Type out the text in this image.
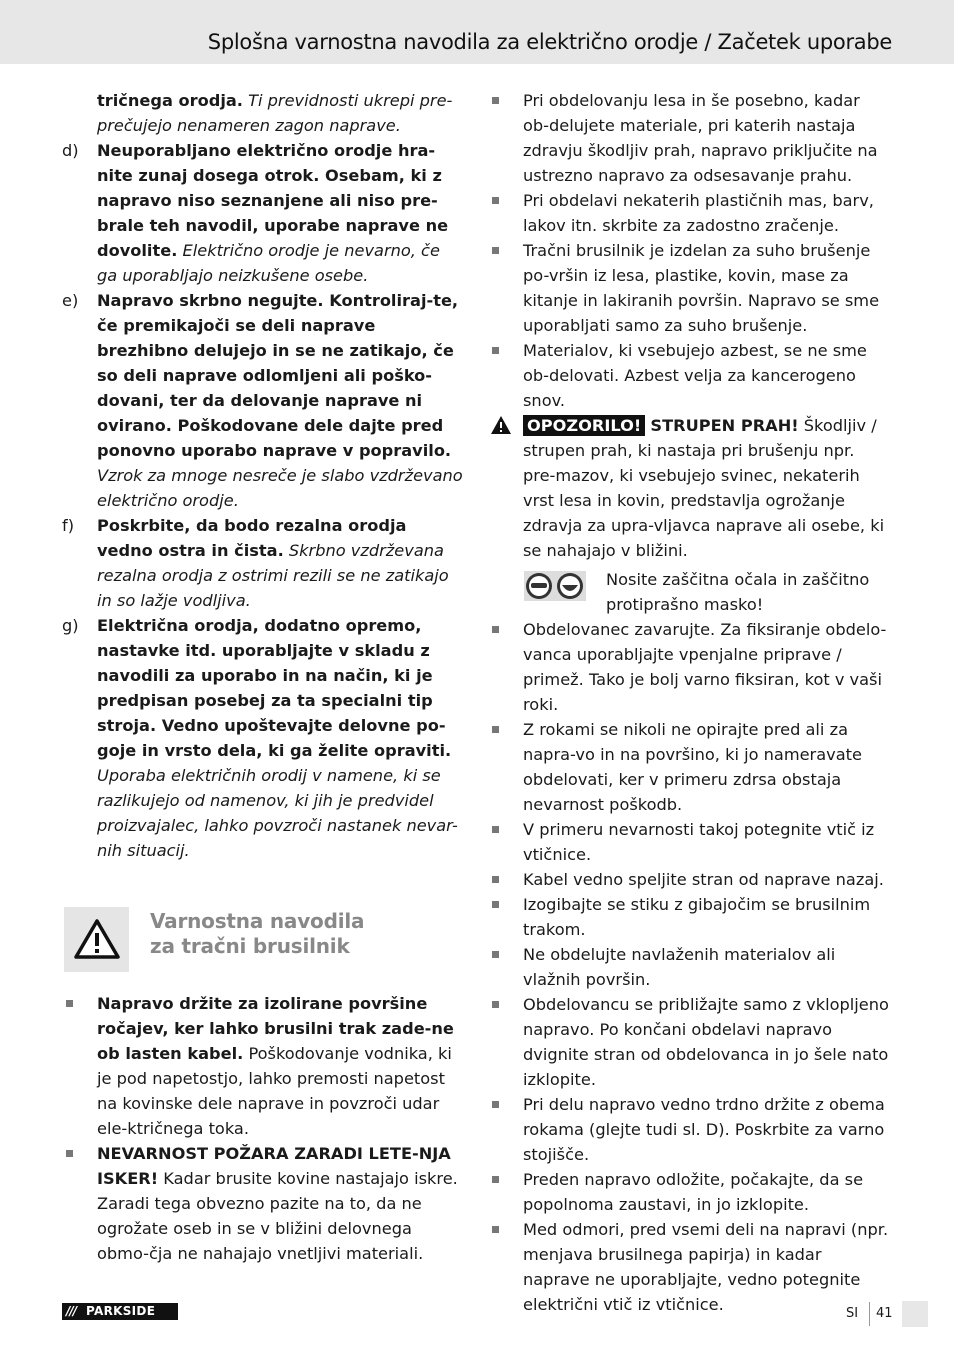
Splošna varnostna navodila za električno orodje / Začetek uporabe

tričnega orodja. Ti previdnosti ukrepi pre-prečujejo nenameren zagon naprave.

d) Neuporabljano električno orodje hra-nite zunaj dosega otrok. Osebam, ki z napravo niso seznanjene ali niso pre-brale teh navodil, uporabe naprave ne dovolite. Električno orodje je nevarno, če ga uporabljajo neizkušene osebe.

e) Napravo skrbno negujte. Kontroliraj-te, če premikajoči se deli naprave brezhibno delujejo in se ne zatikajo, če so deli naprave odlomljeni ali poško-dovani, ter da delovanje naprave ni ovirano. Poškodovane dele dajte pred ponovno uporabo naprave v popravilo. Vzrok za mnoge nesreče je slabo vzdrževano električno orodje.

f) Poskrbite, da bodo rezalna orodja vedno ostra in čista. Skrbno vzdrževana rezalna orodja z ostrimi rezili se ne zatikajo in so lažje vodljiva.

g) Električna orodja, dodatno opremo, nastavke itd. uporabljajte v skladu z navodili za uporabo in na način, ki je predpisan posebej za ta specialni tip stroja. Vedno upoštevajte delovne po-goje in vrsto dela, ki ga želite opraviti. Uporaba električnih orodij v namene, ki se razlikujejo od namenov, ki jih je predvidel proizvajalec, lahko povzroči nastanek nevar-nih situacij.

Varnostna navodila
za tračni brusilnik

Napravo držite za izolirane površine ročajev, ker lahko brusilni trak zade-ne ob lasten kabel. Poškodovanje vodnika, ki je pod napetostjo, lahko premosti napetost na kovinske dele naprave in povzroči udar ele-ktričnega toka.

NEVARNOST POŽARA ZARADI LETE-NJA ISKER! Kadar brusite kovine nastajajo iskre. Zaradi tega obvezno pazite na to, da ne ogrožate oseb in se v bližini delovnega obmo-čja ne nahajajo vnetljivi materiali.

Pri obdelovanju lesa in še posebno, kadar ob-delujete materiale, pri katerih nastaja zdravju škodljiv prah, napravo priključite na ustrezno napravo za odsesavanje prahu.

Pri obdelavi nekaterih plastičnih mas, barv, lakov itn. skrbite za zadostno zračenje.

Tračni brusilnik je izdelan za suho brušenje po-vršin iz lesa, plastike, kovin, mase za kitanje in lakiranih površin. Napravo se sme uporabljati samo za suho brušenje.

Materialov, ki vsebujejo azbest, se ne sme ob-delovati. Azbest velja za kancerogeno snov.

OPOZORILO! STRUPEN PRAH! Škodljiv / strupen prah, ki nastaja pri brušenju npr. pre-mazov, ki vsebujejo svinec, nekaterih vrst lesa in kovin, predstavlja ogrožanje zdravja za upra-vljavca naprave ali osebe, ki se nahajajo v bližini.

Nosite zaščitna očala in zaščitno protiprašno masko!

Obdelovanec zavarujte. Za fiksiranje obdelo-vanca uporabljajte vpenjalne priprave / primež. Tako je bolj varno fiksiran, kot v vaši roki.

Z rokami se nikoli ne opirajte pred ali za napra-vo in na površino, ki jo nameravate obdelovati, ker v primeru zdrsa obstaja nevarnost poškodb.

V primeru nevarnosti takoj potegnite vtič iz vtičnice.

Kabel vedno speljite stran od naprave nazaj.

Izogibajte se stiku z gibajočim se brusilnim trakom.

Ne obdelujte navlaženih materialov ali vlažnih površin.

Obdelovancu se približajte samo z vklopljeno napravo. Po končani obdelavi napravo dvignite stran od obdelovanca in jo šele nato izklopite.

Pri delu napravo vedno trdno držite z obema rokama (glejte tudi sl. D). Poskrbite za varno stojišče.

Preden napravo odložite, počakajte, da se popolnoma zaustavi, in jo izklopite.

Med odmori, pred vsemi deli na napravi (npr. menjava brusilnega papirja) in kadar naprave ne uporabljajte, vedno potegnite električni vtič iz vtičnice.

/// PARKSIDE	SI 41
